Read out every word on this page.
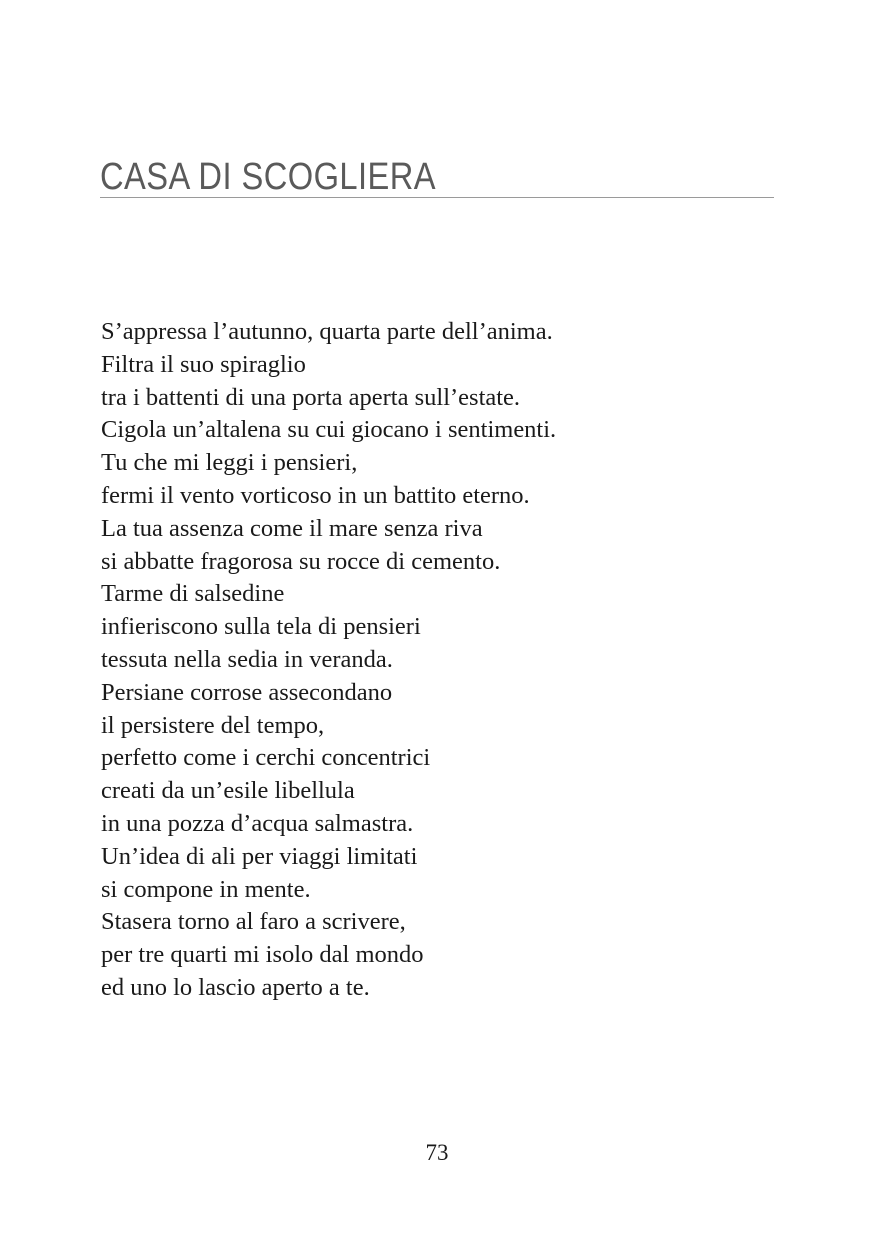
CASA DI SCOGLIERA
S’appressa l’autunno, quarta parte dell’anima.
Filtra il suo spiraglio
tra i battenti di una porta aperta sull’estate.
Cigola un’altalena su cui giocano i sentimenti.
Tu che mi leggi i pensieri,
fermi il vento vorticoso in un battito eterno.
La tua assenza come il mare senza riva
si abbatte fragorosa su rocce di cemento.
Tarme di salsedine
infieriscono sulla tela di pensieri
tessuta nella sedia in veranda.
Persiane corrose assecondano
il persistere del tempo,
perfetto come i cerchi concentrici
creati da un’esile libellula
in una pozza d’acqua salmastra.
Un’idea di ali per viaggi limitati
si compone in mente.
Stasera torno al faro a scrivere,
per tre quarti mi isolo dal mondo
ed uno lo lascio aperto a te.
73
